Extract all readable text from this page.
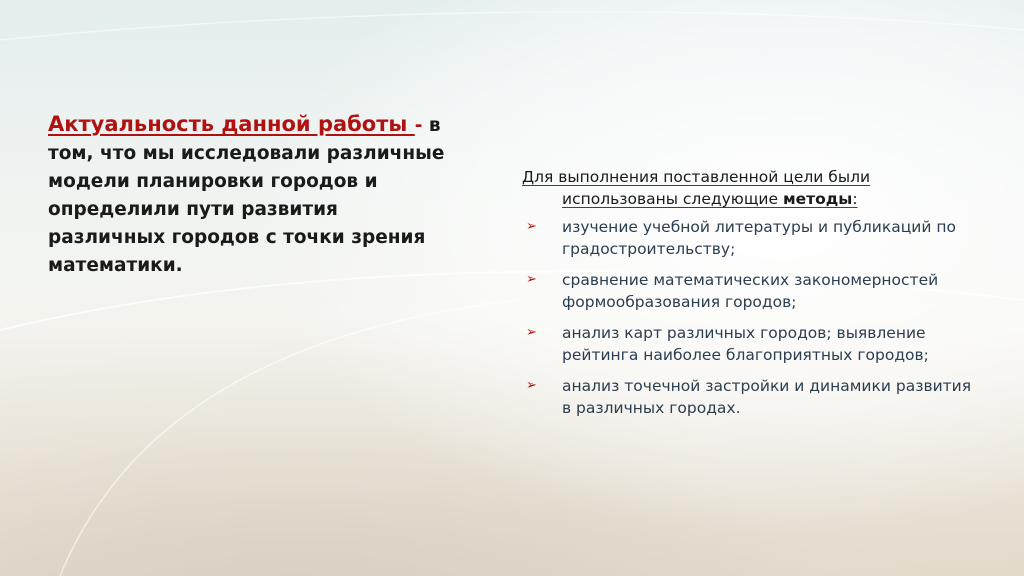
Актуальность данной работы - в том, что мы исследовали различные модели планировки городов и определили пути развития различных городов с точки зрения математики.
Для выполнения поставленной цели были использованы следующие методы:
➢ изучение учебной литературы и публикаций по градостроительству;
➢ сравнение математических закономерностей формообразования городов;
➢ анализ карт различных городов; выявление рейтинга наиболее благоприятных городов;
➢ анализ точечной застройки и динамики развития в различных городах.
